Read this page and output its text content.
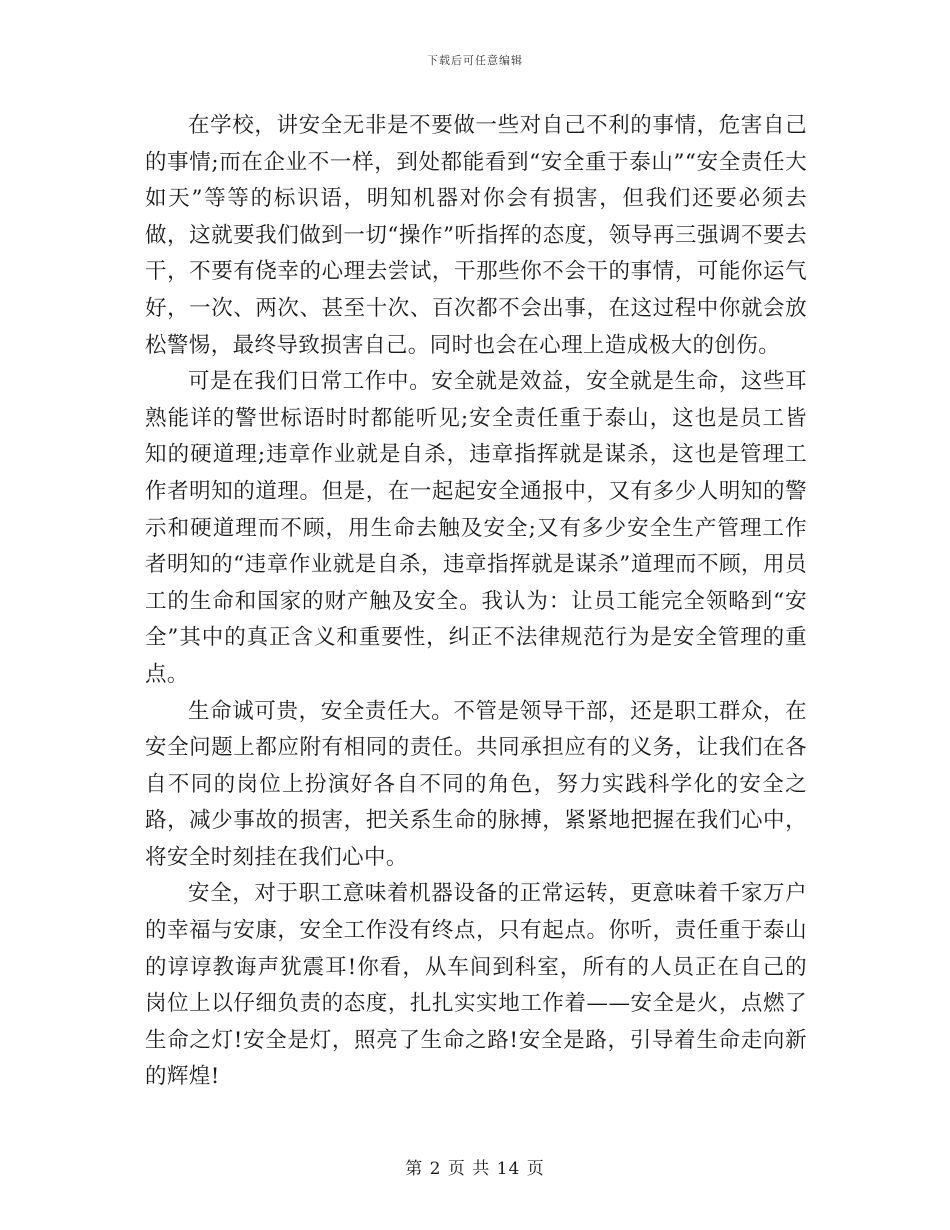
下载后可任意编辑

在学校，讲安全无非是不要做一些对自己不利的事情，危害自己的事情;而在企业不一样，到处都能看到“安全重于泰山”“安全责任大如天”等等的标识语，明知机器对你会有损害，但我们还要必须去做，这就要我们做到一切“操作”听指挥的态度，领导再三强调不要去干，不要有侥幸的心理去尝试，干那些你不会干的事情，可能你运气好，一次、两次、甚至十次、百次都不会出事，在这过程中你就会放松警惕，最终导致损害自己。同时也会在心理上造成极大的创伤。

可是在我们日常工作中。安全就是效益，安全就是生命，这些耳熟能详的警世标语时时都能听见;安全责任重于泰山，这也是员工皆知的硬道理;违章作业就是自杀，违章指挥就是谋杀，这也是管理工作者明知的道理。但是，在一起起安全通报中，又有多少人明知的警示和硬道理而不顾，用生命去触及安全;又有多少安全生产管理工作者明知的“违章作业就是自杀，违章指挥就是谋杀”道理而不顾，用员工的生命和国家的财产触及安全。我认为：让员工能完全领略到“安全”其中的真正含义和重要性，纠正不法律规范行为是安全管理的重点。

生命诚可贵，安全责任大。不管是领导干部，还是职工群众，在安全问题上都应附有相同的责任。共同承担应有的义务，让我们在各自不同的岗位上扮演好各自不同的角色，努力实践科学化的安全之路，减少事故的损害，把关系生命的脉搏，紧紧地把握在我们心中，将安全时刻挂在我们心中。

安全，对于职工意味着机器设备的正常运转，更意味着千家万户的幸福与安康，安全工作没有终点，只有起点。你听，责任重于泰山的谆谆教诲声犹震耳!你看，从车间到科室，所有的人员正在自己的岗位上以仔细负责的态度，扎扎实实地工作着——安全是火，点燃了生命之灯!安全是灯，照亮了生命之路!安全是路，引导着生命走向新的辉煌!

第 2 页 共 14 页
